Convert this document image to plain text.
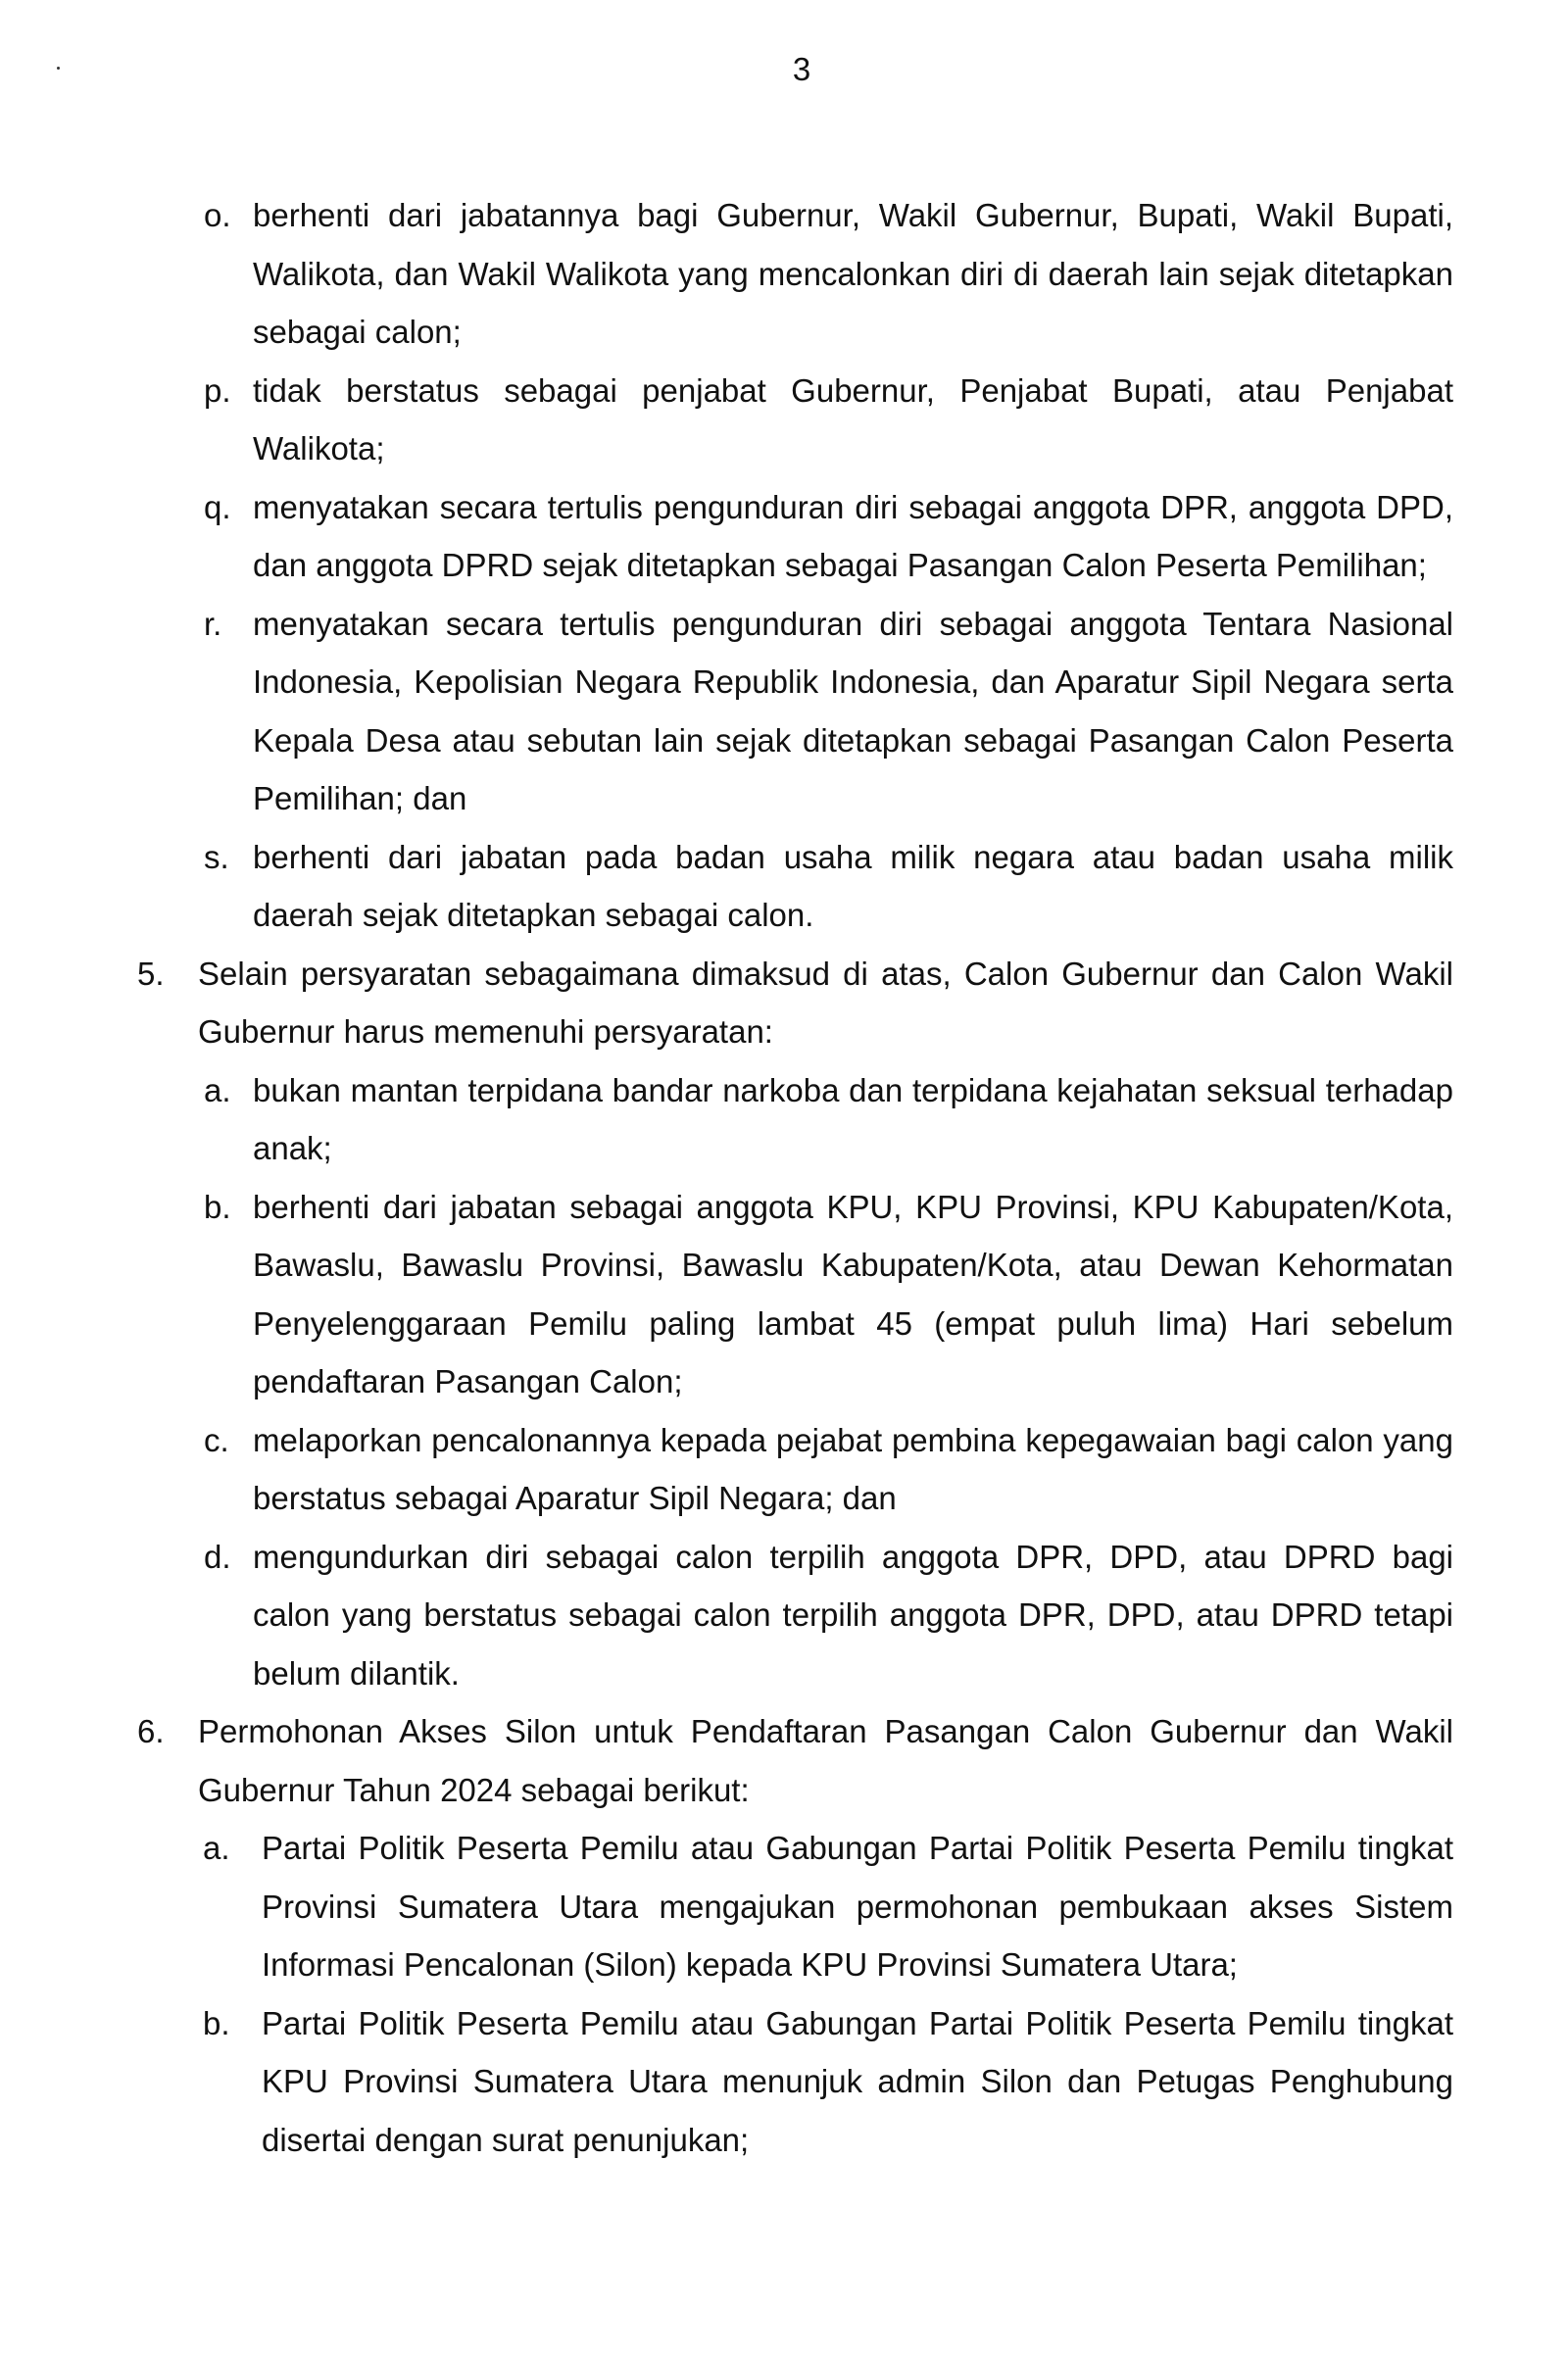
3
o. berhenti dari jabatannya bagi Gubernur, Wakil Gubernur, Bupati, Wakil Bupati, Walikota, dan Wakil Walikota yang mencalonkan diri di daerah lain sejak ditetapkan sebagai calon;
p. tidak berstatus sebagai penjabat Gubernur, Penjabat Bupati, atau Penjabat Walikota;
q. menyatakan secara tertulis pengunduran diri sebagai anggota DPR, anggota DPD, dan anggota DPRD sejak ditetapkan sebagai Pasangan Calon Peserta Pemilihan;
r. menyatakan secara tertulis pengunduran diri sebagai anggota Tentara Nasional Indonesia, Kepolisian Negara Republik Indonesia, dan Aparatur Sipil Negara serta Kepala Desa atau sebutan lain sejak ditetapkan sebagai Pasangan Calon Peserta Pemilihan; dan
s. berhenti dari jabatan pada badan usaha milik negara atau badan usaha milik daerah sejak ditetapkan sebagai calon.
5. Selain persyaratan sebagaimana dimaksud di atas, Calon Gubernur dan Calon Wakil Gubernur harus memenuhi persyaratan:
a. bukan mantan terpidana bandar narkoba dan terpidana kejahatan seksual terhadap anak;
b. berhenti dari jabatan sebagai anggota KPU, KPU Provinsi, KPU Kabupaten/Kota, Bawaslu, Bawaslu Provinsi, Bawaslu Kabupaten/Kota, atau Dewan Kehormatan Penyelenggaraan Pemilu paling lambat 45 (empat puluh lima) Hari sebelum pendaftaran Pasangan Calon;
c. melaporkan pencalonannya kepada pejabat pembina kepegawaian bagi calon yang berstatus sebagai Aparatur Sipil Negara; dan
d. mengundurkan diri sebagai calon terpilih anggota DPR, DPD, atau DPRD bagi calon yang berstatus sebagai calon terpilih anggota DPR, DPD, atau DPRD tetapi belum dilantik.
6. Permohonan Akses Silon untuk Pendaftaran Pasangan Calon Gubernur dan Wakil Gubernur Tahun 2024 sebagai berikut:
a. Partai Politik Peserta Pemilu atau Gabungan Partai Politik Peserta Pemilu tingkat Provinsi Sumatera Utara mengajukan permohonan pembukaan akses Sistem Informasi Pencalonan (Silon) kepada KPU Provinsi Sumatera Utara;
b. Partai Politik Peserta Pemilu atau Gabungan Partai Politik Peserta Pemilu tingkat KPU Provinsi Sumatera Utara menunjuk admin Silon dan Petugas Penghubung disertai dengan surat penunjukan;
